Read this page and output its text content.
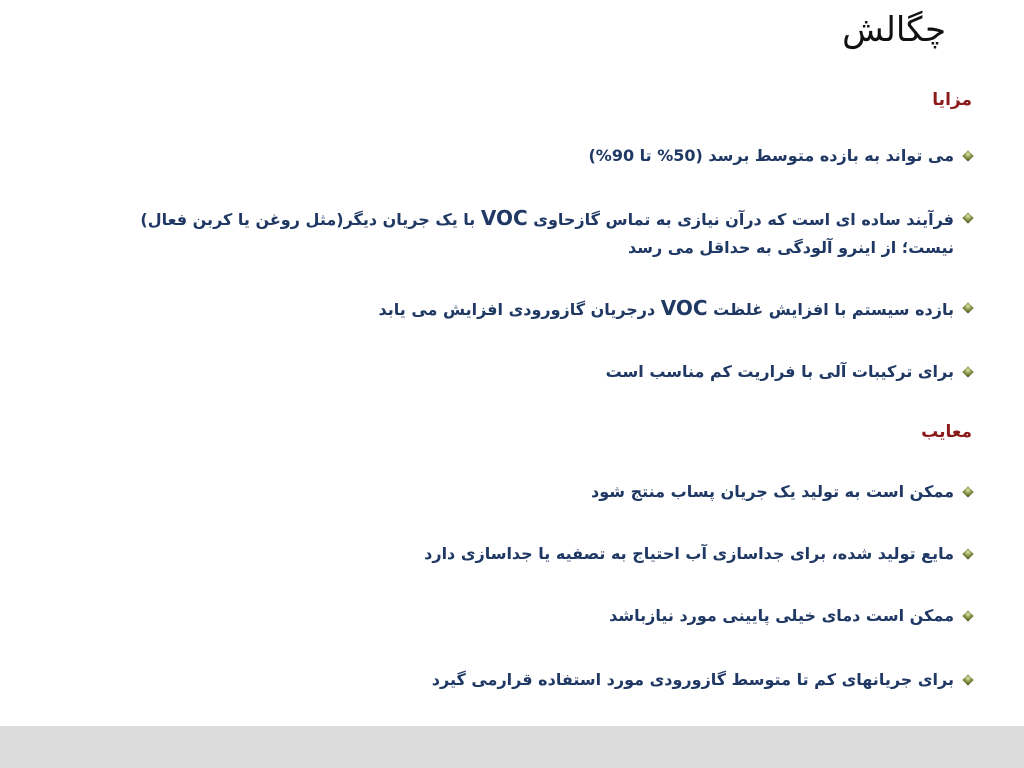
چگالش
مزایا
می تواند به بازده متوسط برسد (50% تا 90%)
فرآیند ساده ای است که درآن نیازی به تماس گازحاوی VOC با یک جریان دیگر(مثل روغن یا کربن فعال) نیست؛ از اینرو آلودگی به حداقل می رسد
بازده سیستم با افزایش غلظت VOC درجریان گازورودی افزایش می یابد
برای ترکیبات آلی با فراریت کم مناسب است
معایب
ممکن است به تولید یک جریان پساب منتج شود
مایع تولید شده، برای جداسازی آب احتیاج به تصفیه یا جداسازی دارد
ممکن است دمای خیلی پایینی مورد نیازباشد
برای جریانهای کم تا متوسط گازورودی مورد استفاده قرارمی گیرد
